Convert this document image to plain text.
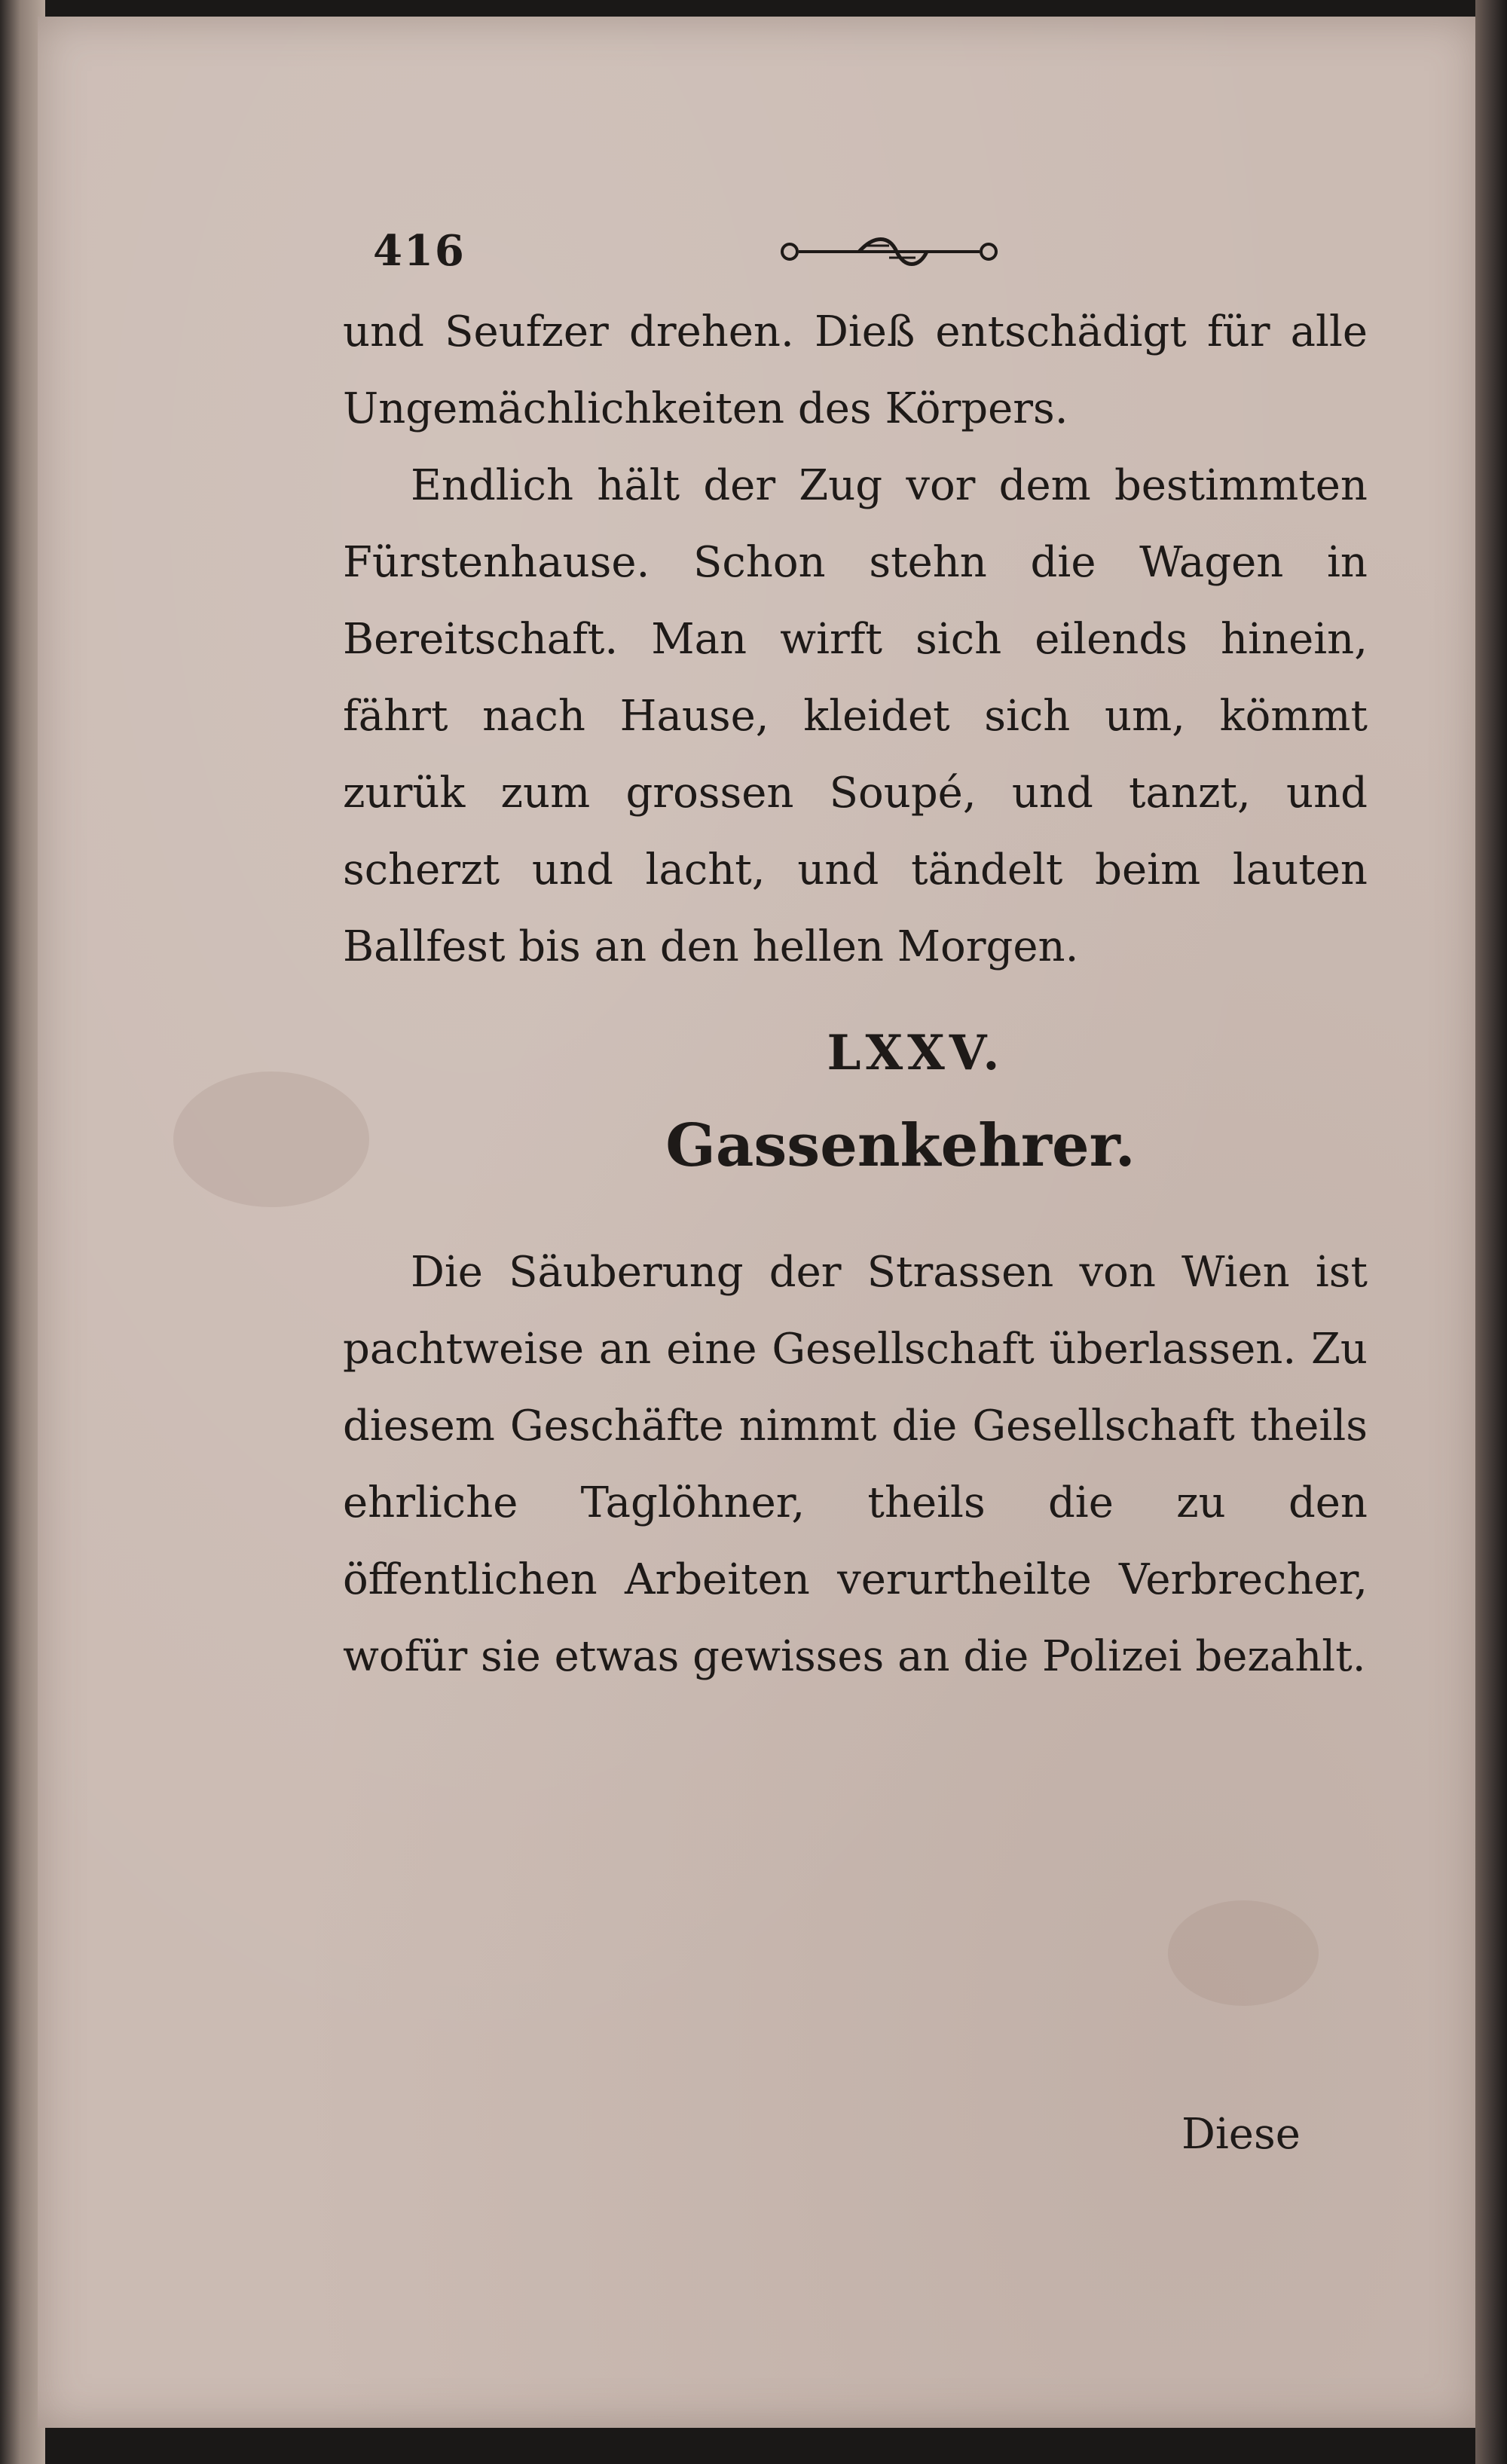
416

und Seufzer drehen. Dieß entschädigt für alle Ungemächlichkeiten des Körpers.

Endlich hält der Zug vor dem bestimmten Fürstenhause. Schon stehn die Wagen in Bereitschaft. Man wirft sich eilends hinein, fährt nach Hause, kleidet sich um, kömmt zurük zum grossen Soupé, und tanzt, und scherzt und lacht, und tändelt beim lauten Ballfest bis an den hellen Morgen.

LXXV.
Gassenkehrer.

Die Säuberung der Strassen von Wien ist pachtweise an eine Gesellschaft überlassen. Zu diesem Geschäfte nimmt die Gesellschaft theils ehrliche Taglöhner, theils die zu den öffentlichen Arbeiten verurtheilte Verbrecher, wofür sie etwas gewisses an die Polizei bezahlt.

Diese
